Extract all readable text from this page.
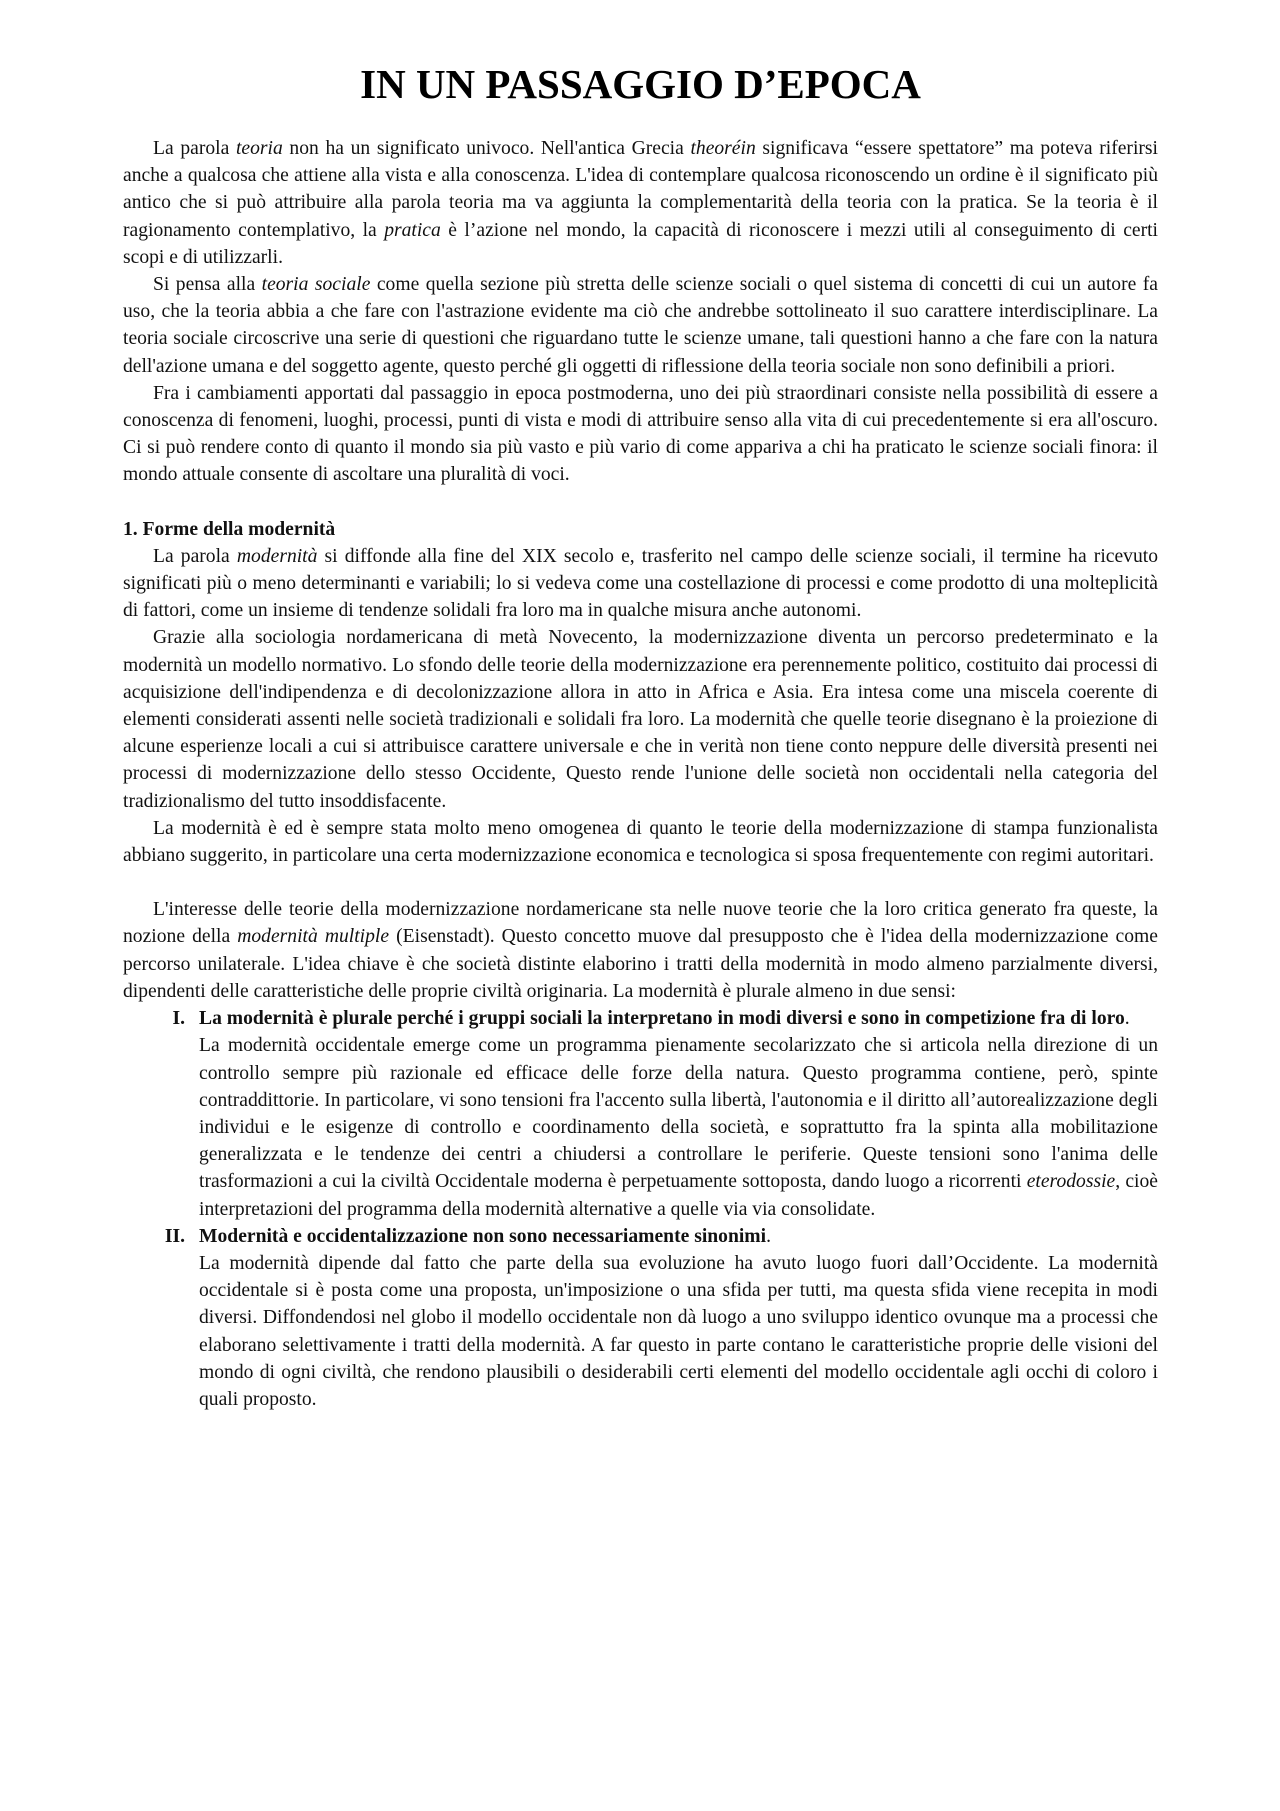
IN UN PASSAGGIO D’EPOCA

La parola teoria non ha un significato univoco. Nell'antica Grecia theoréin significava “essere spettatore” ma poteva riferirsi anche a qualcosa che attiene alla vista e alla conoscenza. L'idea di contemplare qualcosa riconoscendo un ordine è il significato più antico che si può attribuire alla parola teoria ma va aggiunta la complementarità della teoria con la pratica. Se la teoria è il ragionamento contemplativo, la pratica è l’azione nel mondo, la capacità di riconoscere i mezzi utili al conseguimento di certi scopi e di utilizzarli.

Si pensa alla teoria sociale come quella sezione più stretta delle scienze sociali o quel sistema di concetti di cui un autore fa uso, che la teoria abbia a che fare con l'astrazione evidente ma ciò che andrebbe sottolineato il suo carattere interdisciplinare. La teoria sociale circoscrive una serie di questioni che riguardano tutte le scienze umane, tali questioni hanno a che fare con la natura dell'azione umana e del soggetto agente, questo perché gli oggetti di riflessione della teoria sociale non sono definibili a priori.

Fra i cambiamenti apportati dal passaggio in epoca postmoderna, uno dei più straordinari consiste nella possibilità di essere a conoscenza di fenomeni, luoghi, processi, punti di vista e modi di attribuire senso alla vita di cui precedentemente si era all'oscuro. Ci si può rendere conto di quanto il mondo sia più vasto e più vario di come appariva a chi ha praticato le scienze sociali finora: il mondo attuale consente di ascoltare una pluralità di voci.

1. Forme della modernità

La parola modernità si diffonde alla fine del XIX secolo e, trasferito nel campo delle scienze sociali, il termine ha ricevuto significati più o meno determinanti e variabili; lo si vedeva come una costellazione di processi e come prodotto di una molteplicità di fattori, come un insieme di tendenze solidali fra loro ma in qualche misura anche autonomi.

Grazie alla sociologia nordamericana di metà Novecento, la modernizzazione diventa un percorso predeterminato e la modernità un modello normativo. Lo sfondo delle teorie della modernizzazione era perennemente politico, costituito dai processi di acquisizione dell'indipendenza e di decolonizzazione allora in atto in Africa e Asia. Era intesa come una miscela coerente di elementi considerati assenti nelle società tradizionali e solidali fra loro. La modernità che quelle teorie disegnano è la proiezione di alcune esperienze locali a cui si attribuisce carattere universale e che in verità non tiene conto neppure delle diversità presenti nei processi di modernizzazione dello stesso Occidente, Questo rende l'unione delle società non occidentali nella categoria del tradizionalismo del tutto insoddisfacente.

La modernità è ed è sempre stata molto meno omogenea di quanto le teorie della modernizzazione di stampa funzionalista abbiano suggerito, in particolare una certa modernizzazione economica e tecnologica si sposa frequentemente con regimi autoritari.

L'interesse delle teorie della modernizzazione nordamericane sta nelle nuove teorie che la loro critica generato fra queste, la nozione della modernità multiple (Eisenstadt). Questo concetto muove dal presupposto che è l'idea della modernizzazione come percorso unilaterale. L'idea chiave è che società distinte elaborino i tratti della modernità in modo almeno parzialmente diversi, dipendenti delle caratteristiche delle proprie civiltà originaria. La modernità è plurale almeno in due sensi:

I. La modernità è plurale perché i gruppi sociali la interpretano in modi diversi e sono in competizione fra di loro.
La modernità occidentale emerge come un programma pienamente secolarizzato che si articola nella direzione di un controllo sempre più razionale ed efficace delle forze della natura. Questo programma contiene, però, spinte contraddittorie. In particolare, vi sono tensioni fra l'accento sulla libertà, l'autonomia e il diritto all’autorealizzazione degli individui e le esigenze di controllo e coordinamento della società, e soprattutto fra la spinta alla mobilitazione generalizzata e le tendenze dei centri a chiudersi a controllare le periferie. Queste tensioni sono l'anima delle trasformazioni a cui la civiltà Occidentale moderna è perpetuamente sottoposta, dando luogo a ricorrenti eterodossie, cioè interpretazioni del programma della modernità alternative a quelle via via consolidate.
II. Modernità e occidentalizzazione non sono necessariamente sinonimi.
La modernità dipende dal fatto che parte della sua evoluzione ha avuto luogo fuori dall’Occidente. La modernità occidentale si è posta come una proposta, un'imposizione o una sfida per tutti, ma questa sfida viene recepita in modi diversi. Diffondendosi nel globo il modello occidentale non dà luogo a uno sviluppo identico ovunque ma a processi che elaborano selettivamente i tratti della modernità. A far questo in parte contano le caratteristiche proprie delle visioni del mondo di ogni civiltà, che rendono plausibili o desiderabili certi elementi del modello occidentale agli occhi di coloro i quali proposto.
